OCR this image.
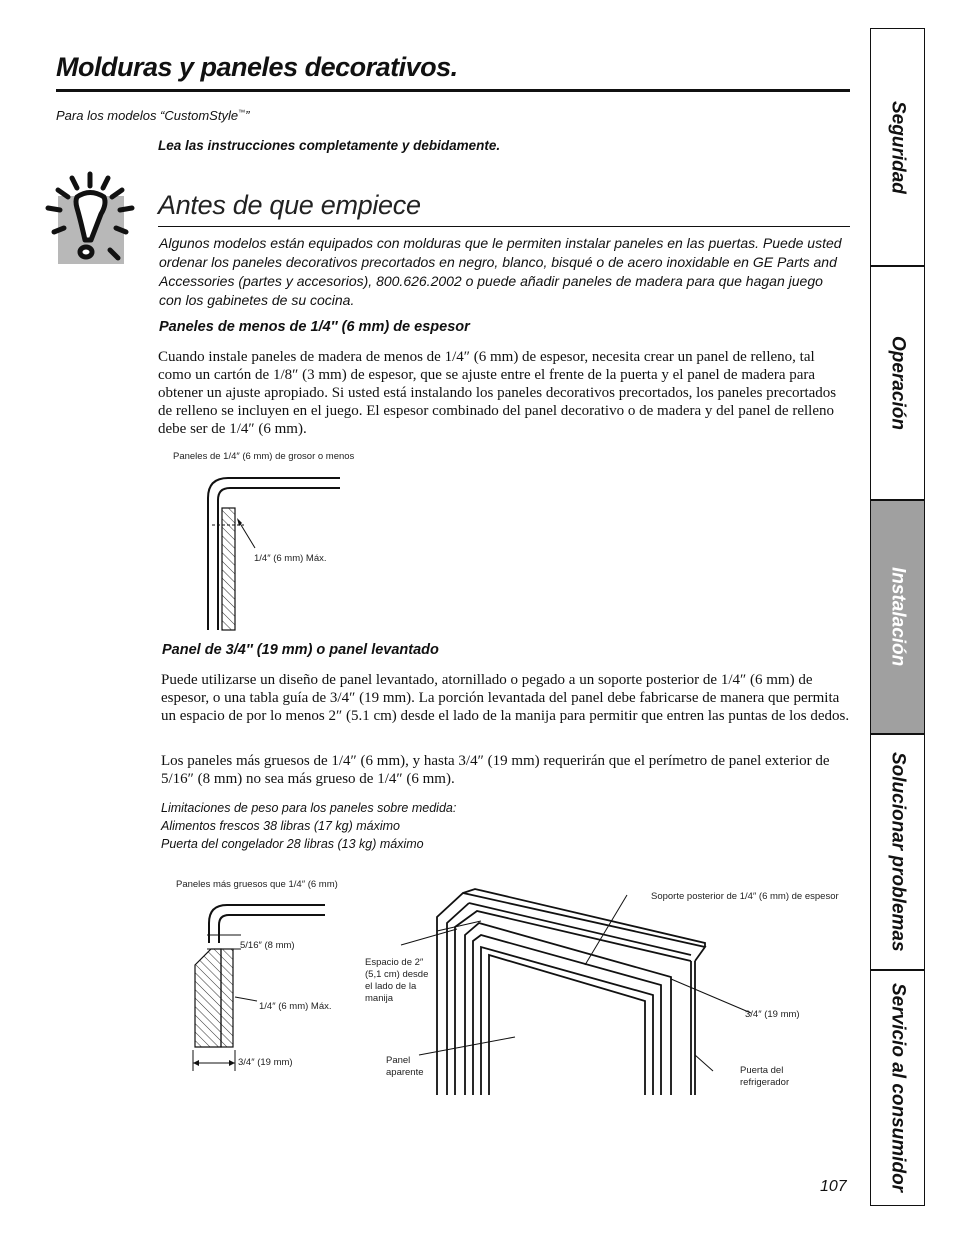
Molduras y paneles decorativos.
Para los modelos “CustomStyle™”
Lea las instrucciones completamente y debidamente.
Antes de que empiece
Algunos modelos están equipados con molduras que le permiten instalar paneles en las puertas. Puede usted ordenar los paneles decorativos precortados en negro, blanco, bisqué o de acero inoxidable en GE Parts and Accessories (partes y accesorios), 800.626.2002 o puede añadir paneles de madera para que hagan juego con los gabinetes de su cocina.
Paneles de menos de 1/4″ (6 mm) de espesor
Cuando instale paneles de madera de menos de 1/4″ (6 mm) de espesor, necesita crear un panel de relleno, tal como un cartón de 1/8″ (3 mm) de espesor, que se ajuste entre el frente de la puerta y el panel de madera para obtener un ajuste apropiado. Si usted está instalando los paneles decorativos precortados, los paneles precortados de relleno se incluyen en el juego. El espesor combinado del panel decorativo o de madera y del panel de relleno debe ser de 1/4″ (6 mm).
Paneles de 1/4″ (6 mm) de grosor o menos
1/4″ (6 mm) Máx.
Panel de 3/4″ (19 mm) o panel levantado
Puede utilizarse un diseño de panel levantado, atornillado o pegado a un soporte posterior de 1/4″ (6 mm) de espesor, o una tabla guía de 3/4″ (19 mm). La porción levantada del panel debe fabricarse de manera que permita un espacio de por lo menos 2″ (5.1 cm) desde el lado de la manija para permitir que entren las puntas de los dedos.
Los paneles más gruesos de 1/4″ (6 mm), y hasta 3/4″ (19 mm) requerirán que el perímetro de panel exterior de 5/16″ (8 mm) no sea más grueso de 1/4″ (6 mm).
Limitaciones de peso para los paneles sobre medida:
Alimentos frescos 38 libras (17 kg) máximo
Puerta del congelador 28 libras (13 kg) máximo
Paneles más gruesos que 1/4″ (6 mm)
5/16″ (8 mm)
1/4″ (6 mm) Máx.
3/4″ (19 mm)
Soporte posterior de 1/4″ (6 mm) de espesor
Espacio de 2″
(5,1 cm) desde
el lado de la
manija
3/4″ (19 mm)
Panel
aparente	Puerta del
refrigerador
107
Seguridad
Operación
Instalación
Solucionar problemas
Servicio al consumidor
